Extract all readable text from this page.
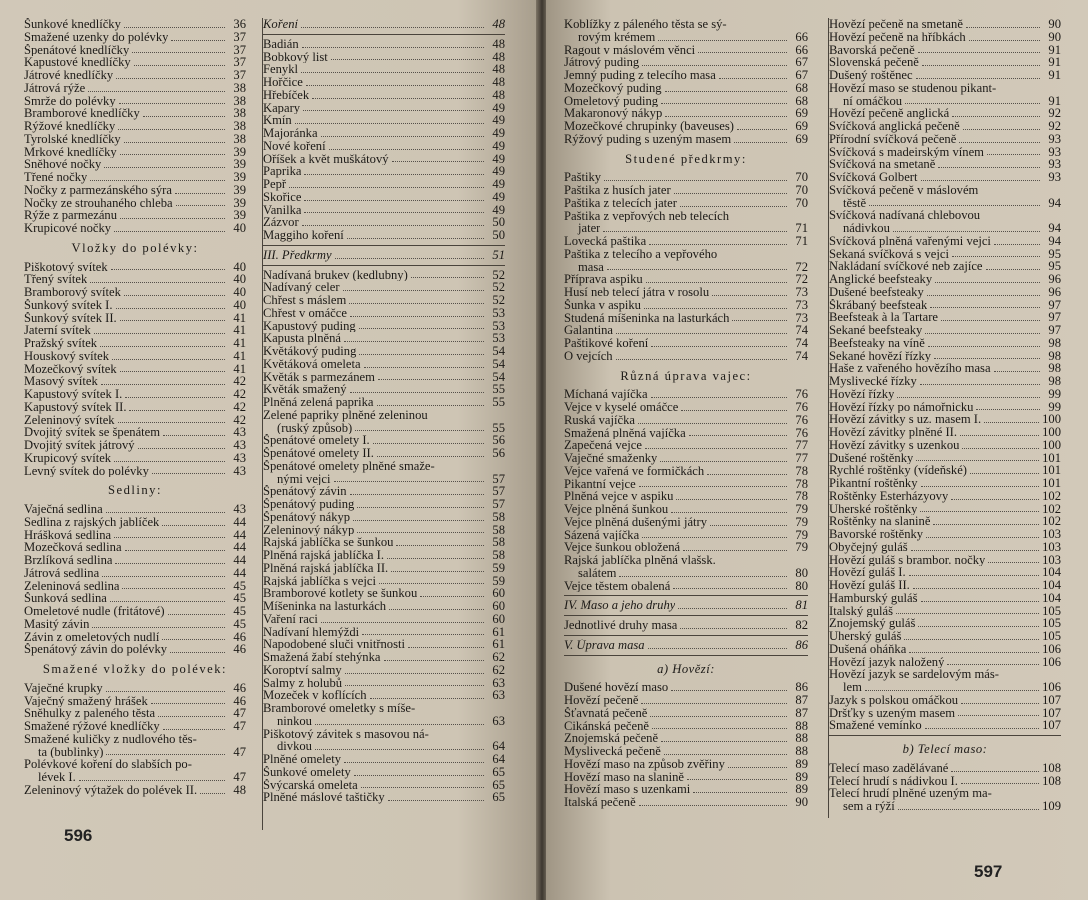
Šunkové knedlíčky	36
Smažené uzenky do polévky	37
Špenátové knedlíčky	37
Kapustové knedlíčky	37
Játrové knedlíčky	37
Játrová rýže	38
Smrže do polévky	38
Bramborové knedlíčky	38
Rýžové knedlíčky	38
Tyrolské knedlíčky	38
Mrkové knedlíčky	39
Sněhové nočky	39
Třené nočky	39
Nočky z parmezánského sýra	39
Nočky ze strouhaného chleba	39
Rýže z parmezánu	39
Krupicové nočky	40
Vložky do polévky:
Piškotový svítek	40
Třený svítek	40
Bramborový svítek	40
Šunkový svítek I.	40
Šunkový svítek II.	41
Jaterní svítek	41
Pražský svítek	41
Houskový svítek	41
Mozečkový svítek	41
Masový svítek	42
Kapustový svítek I.	42
Kapustový svítek II.	42
Zeleninový svítek	42
Dvojitý svítek se špenátem	43
Dvojitý svítek játrový	43
Krupicový svítek	43
Levný svítek do polévky	43
Sedliny:
Vaječná sedlina	43
Sedlina z rajských jablíček	44
Hrášková sedlina	44
Mozečková sedlina	44
Brzlíková sedlina	44
Játrová sedlina	44
Zeleninová sedlina	45
Šunková sedlina	45
Omeletové nudle (fritátové)	45
Masitý závin	45
Závin z omeletových nudlí	46
Špenátový závin do polévky	46
Smažené vložky do polévek:
Vaječné krupky	46
Vaječný smažený hrášek	46
Sněhulky z paleného těsta	47
Smažené rýžové knedlíčky	47
Smažené kuličky z nudlového těs-
ta (bublinky)	47
Polévkové koření do slabších po-
lévek I.	47
Zeleninový výtažek do polévek II.	48
Koření	48
Badián	48
Bobkový list	48
Fenykl	48
Hořčice	48
Hřebíček	48
Kapary	49
Kmín	49
Majoránka	49
Nové koření	49
Oříšek a květ muškátový	49
Paprika	49
Pepř	49
Skořice	49
Vanilka	49
Zázvor	50
Maggiho koření	50
III. Předkrmy	51
Nadívaná brukev (kedlubny)	52
Nadívaný celer	52
Chřest s máslem	52
Chřest v omáčce	53
Kapustový puding	53
Kapusta plněná	53
Květákový puding	54
Květáková omeleta	54
Květák s parmezánem	54
Květák smažený	55
Plněná zelená paprika	55
Zelené papriky plněné zeleninou
(ruský způsob)	55
Špenátové omelety I.	56
Špenátové omelety II.	56
Špenátové omelety plněné smaže-
nými vejci	57
Špenátový závin	57
Špenátový puding	57
Špenátový nákyp	58
Zeleninový nákyp	58
Rajská jablíčka se šunkou	58
Plněná rajská jablíčka I.	58
Plněná rajská jablíčka II.	59
Rajská jablíčka s vejci	59
Bramborové kotlety se šunkou	60
Míšeninka na lasturkách	60
Vaření raci	60
Nadívaní hlemýždi	61
Napodobené sluči vnitřnosti	61
Smažená žabí stehýnka	62
Koroptví salmy	62
Salmy z holubů	63
Mozeček v koflících	63
Bramborové omeletky s míše-
ninkou	63
Piškotový závitek s masovou ná-
divkou	64
Plněné omelety	64
Šunkové omelety	65
Švýcarská omeleta	65
Plněné máslové taštičky	65
596
Koblížky z páleného těsta se sý-
rovým krémem	66
Ragout v máslovém věnci	66
Játrový puding	67
Jemný puding z telecího masa	67
Mozečkový puding	68
Omeletový puding	68
Makaronový nákyp	69
Mozečkové chrupinky (baveuses)	69
Rýžový puding s uzeným masem	69
Studené předkrmy:
Paštiky	70
Paštika z husích jater	70
Paštika z telecích jater	70
Paštika z vepřových neb telecích
jater	71
Lovecká paštika	71
Paštika z telecího a vepřového
masa	72
Příprava aspiku	72
Husí neb telecí játra v rosolu	73
Šunka v aspiku	73
Studená míšeninka na lasturkách	73
Galantina	74
Paštikové koření	74
O vejcích	74
Různá úprava vajec:
Míchaná vajíčka	76
Vejce v kyselé omáčce	76
Ruská vajíčka	76
Smažená plněná vajíčka	76
Zapečená vejce	77
Vaječné smaženky	77
Vejce vařená ve formičkách	78
Pikantní vejce	78
Plněná vejce v aspiku	78
Vejce plněná šunkou	79
Vejce plněná dušenými játry	79
Sázená vajíčka	79
Vejce šunkou obložená	79
Rajská jablíčka plněná vlašsk.
salátem	80
Vejce těstem obalená	80
IV. Maso a jeho druhy	81
Jednotlivé druhy masa	82
V. Úprava masa	86
a) Hovězí:
Dušené hovězí maso	86
Hovězí pečeně	87
Šťavnatá pečeně	87
Cikánská pečeně	88
Znojemská pečeně	88
Myslivecká pečeně	88
Hovězí maso na způsob zvěřiny	89
Hovězí maso na slanině	89
Hovězí maso s uzenkami	89
Italská pečeně	90
Hovězí pečeně na smetaně	90
Hovězí pečeně na hříbkách	90
Bavorská pečeně	91
Slovenská pečeně	91
Dušený roštěnec	91
Hovězí maso se studenou pikant-
ní omáčkou	91
Hovězí pečeně anglická	92
Svíčková anglická pečeně	92
Přírodní svíčková pečeně	93
Svíčková s madeirským vínem	93
Svíčková na smetaně	93
Svíčková Golbert	93
Svíčková pečeně v máslovém
těstě	94
Svíčková nadívaná chlebovou
nádivkou	94
Svíčková plněná vařenými vejci	94
Sekaná svíčková s vejci	95
Nakládaní svíčkové neb zajíce	95
Anglické beefsteaky	96
Dušené beefsteaky	96
Škrábaný beefsteak	97
Beefsteak à la Tartare	97
Sekané beefsteaky	97
Beefsteaky na víně	98
Sekané hovězí řízky	98
Haše z vařeného hovězího masa	98
Myslivecké řízky	98
Hovězí řízky	99
Hovězí řízky po námořnicku	99
Hovězí závitky s uz. masem I.	100
Hovězí závitky plněné II.	100
Hovězí závitky s uzenkou	100
Dušené roštěnky	101
Rychlé roštěnky (vídeňské)	101
Pikantní roštěnky	101
Roštěnky Esterházyovy	102
Uherské roštěnky	102
Roštěnky na slanině	102
Bavorské roštěnky	103
Obyčejný guláš	103
Hovězí guláš s brambor. nočky	103
Hovězí guláš I.	104
Hovězí guláš II.	104
Hamburský guláš	104
Italský guláš	105
Znojemský guláš	105
Uherský guláš	105
Dušená oháňka	106
Hovězí jazyk naložený	106
Hovězí jazyk se sardelovým más-
lem	106
Jazyk s polskou omáčkou	107
Dršťky s uzeným masem	107
Smažené vemínko	107
b) Telecí maso:
Telecí maso zadělávané	108
Telecí hrudí s nádivkou I.	108
Telecí hrudí plněné uzeným ma-
sem a rýží	109
597
